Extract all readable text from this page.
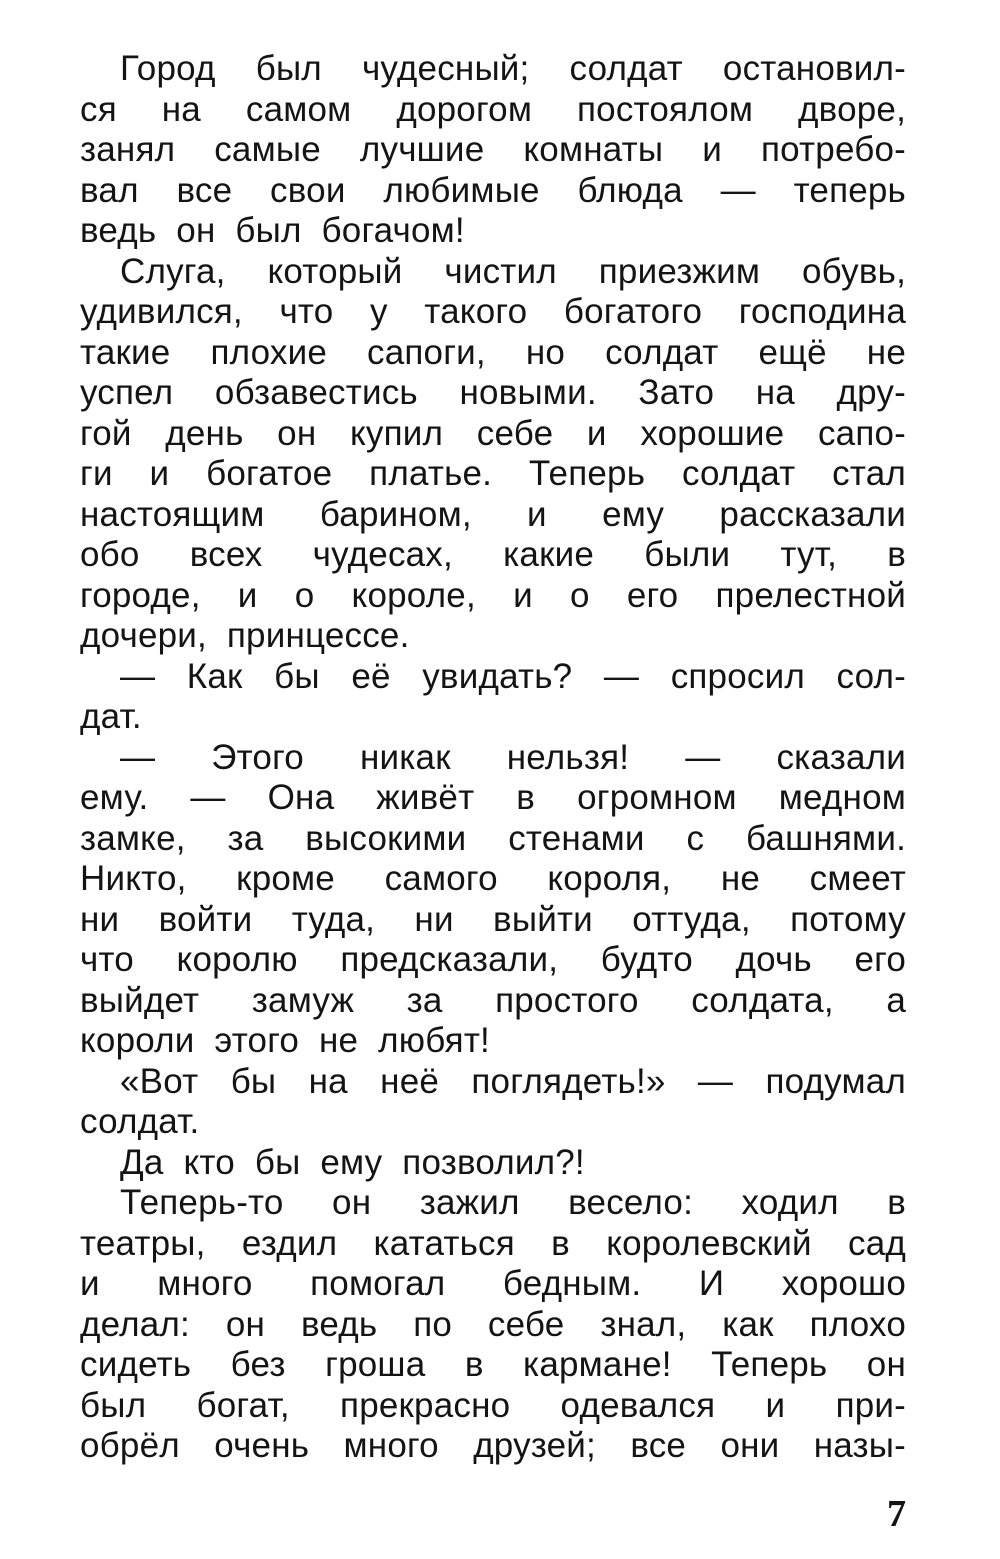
Город был чудесный; солдат остановил-
ся на самом дорогом постоялом дворе,
занял самые лучшие комнаты и потребо-
вал все свои любимые блюда — теперь
ведь он был богачом!
Слуга, который чистил приезжим обувь,
удивился, что у такого богатого господина
такие плохие сапоги, но солдат ещё не
успел обзавестись новыми. Зато на дру-
гой день он купил себе и хорошие сапо-
ги и богатое платье. Теперь солдат стал
настоящим барином, и ему рассказали
обо всех чудесах, какие были тут, в
городе, и о короле, и о его прелестной
дочери, принцессе.
— Как бы её увидать? — спросил сол-
дат.
— Этого никак нельзя! — сказали
ему. — Она живёт в огромном медном
замке, за высокими стенами с башнями.
Никто, кроме самого короля, не смеет
ни войти туда, ни выйти оттуда, потому
что королю предсказали, будто дочь его
выйдет замуж за простого солдата, а
короли этого не любят!
«Вот бы на неё поглядеть!» — подумал
солдат.
Да кто бы ему позволил?!
Теперь-то он зажил весело: ходил в
театры, ездил кататься в королевский сад
и много помогал бедным. И хорошо
делал: он ведь по себе знал, как плохо
сидеть без гроша в кармане! Теперь он
был богат, прекрасно одевался и при-
обрёл очень много друзей; все они назы-
7
